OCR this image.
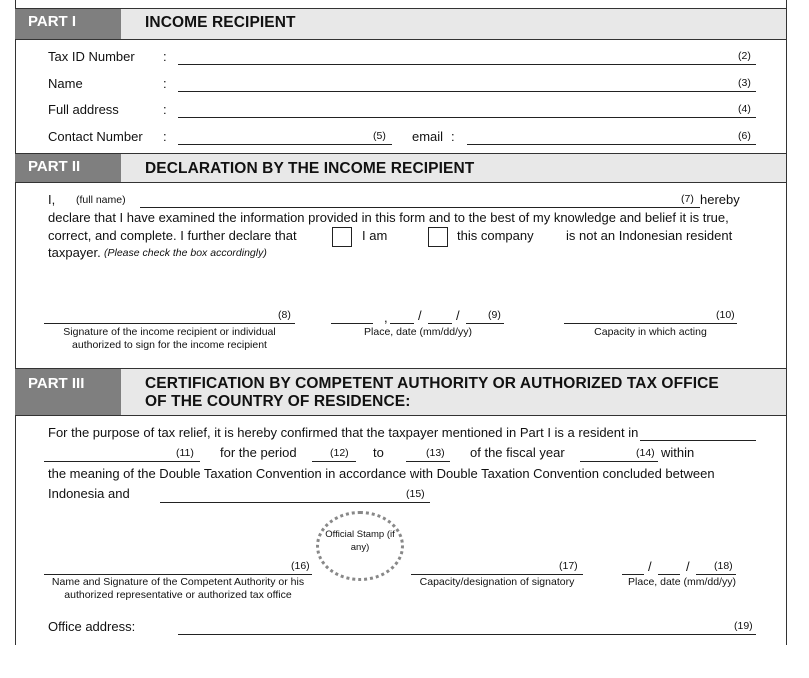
PART I	INCOME RECIPIENT
Tax ID Number :	(2)
Name	:	(3)
Full address	:	(4)
Contact Number :	(5) email :	(6)
PART II	DECLARATION BY THE INCOME RECIPIENT
I, (full name)	(7) hereby
declare that I have examined the information provided in this form and to the best of my knowledge and belief it is true,
correct, and complete. I further declare that	I am	this company is not an Indonesian resident
taxpayer. (Please check the box accordingly)
(8)
Signature of the income recipient or individual authorized to sign for the income recipient
, /	/	(9)
Place, date (mm/dd/yy)
(10)
Capacity in which acting
PART III	CERTIFICATION BY COMPETENT AUTHORITY OR AUTHORIZED TAX OFFICE
OF THE COUNTRY OF RESIDENCE:
For the purpose of tax relief, it is hereby confirmed that the taxpayer mentioned in Part I is a resident in
(11) for the period	(12) to	(13) of the fiscal year	(14) within
the meaning of the Double Taxation Convention in accordance with Double Taxation Convention concluded between
Indonesia and	(15)
Official Stamp (if any)
(16)
Name and Signature of the Competent Authority or his authorized representative or authorized tax office
(17)
Capacity/designation of signatory
/	/ (18)
Place, date (mm/dd/yy)
Office address:	(19)
